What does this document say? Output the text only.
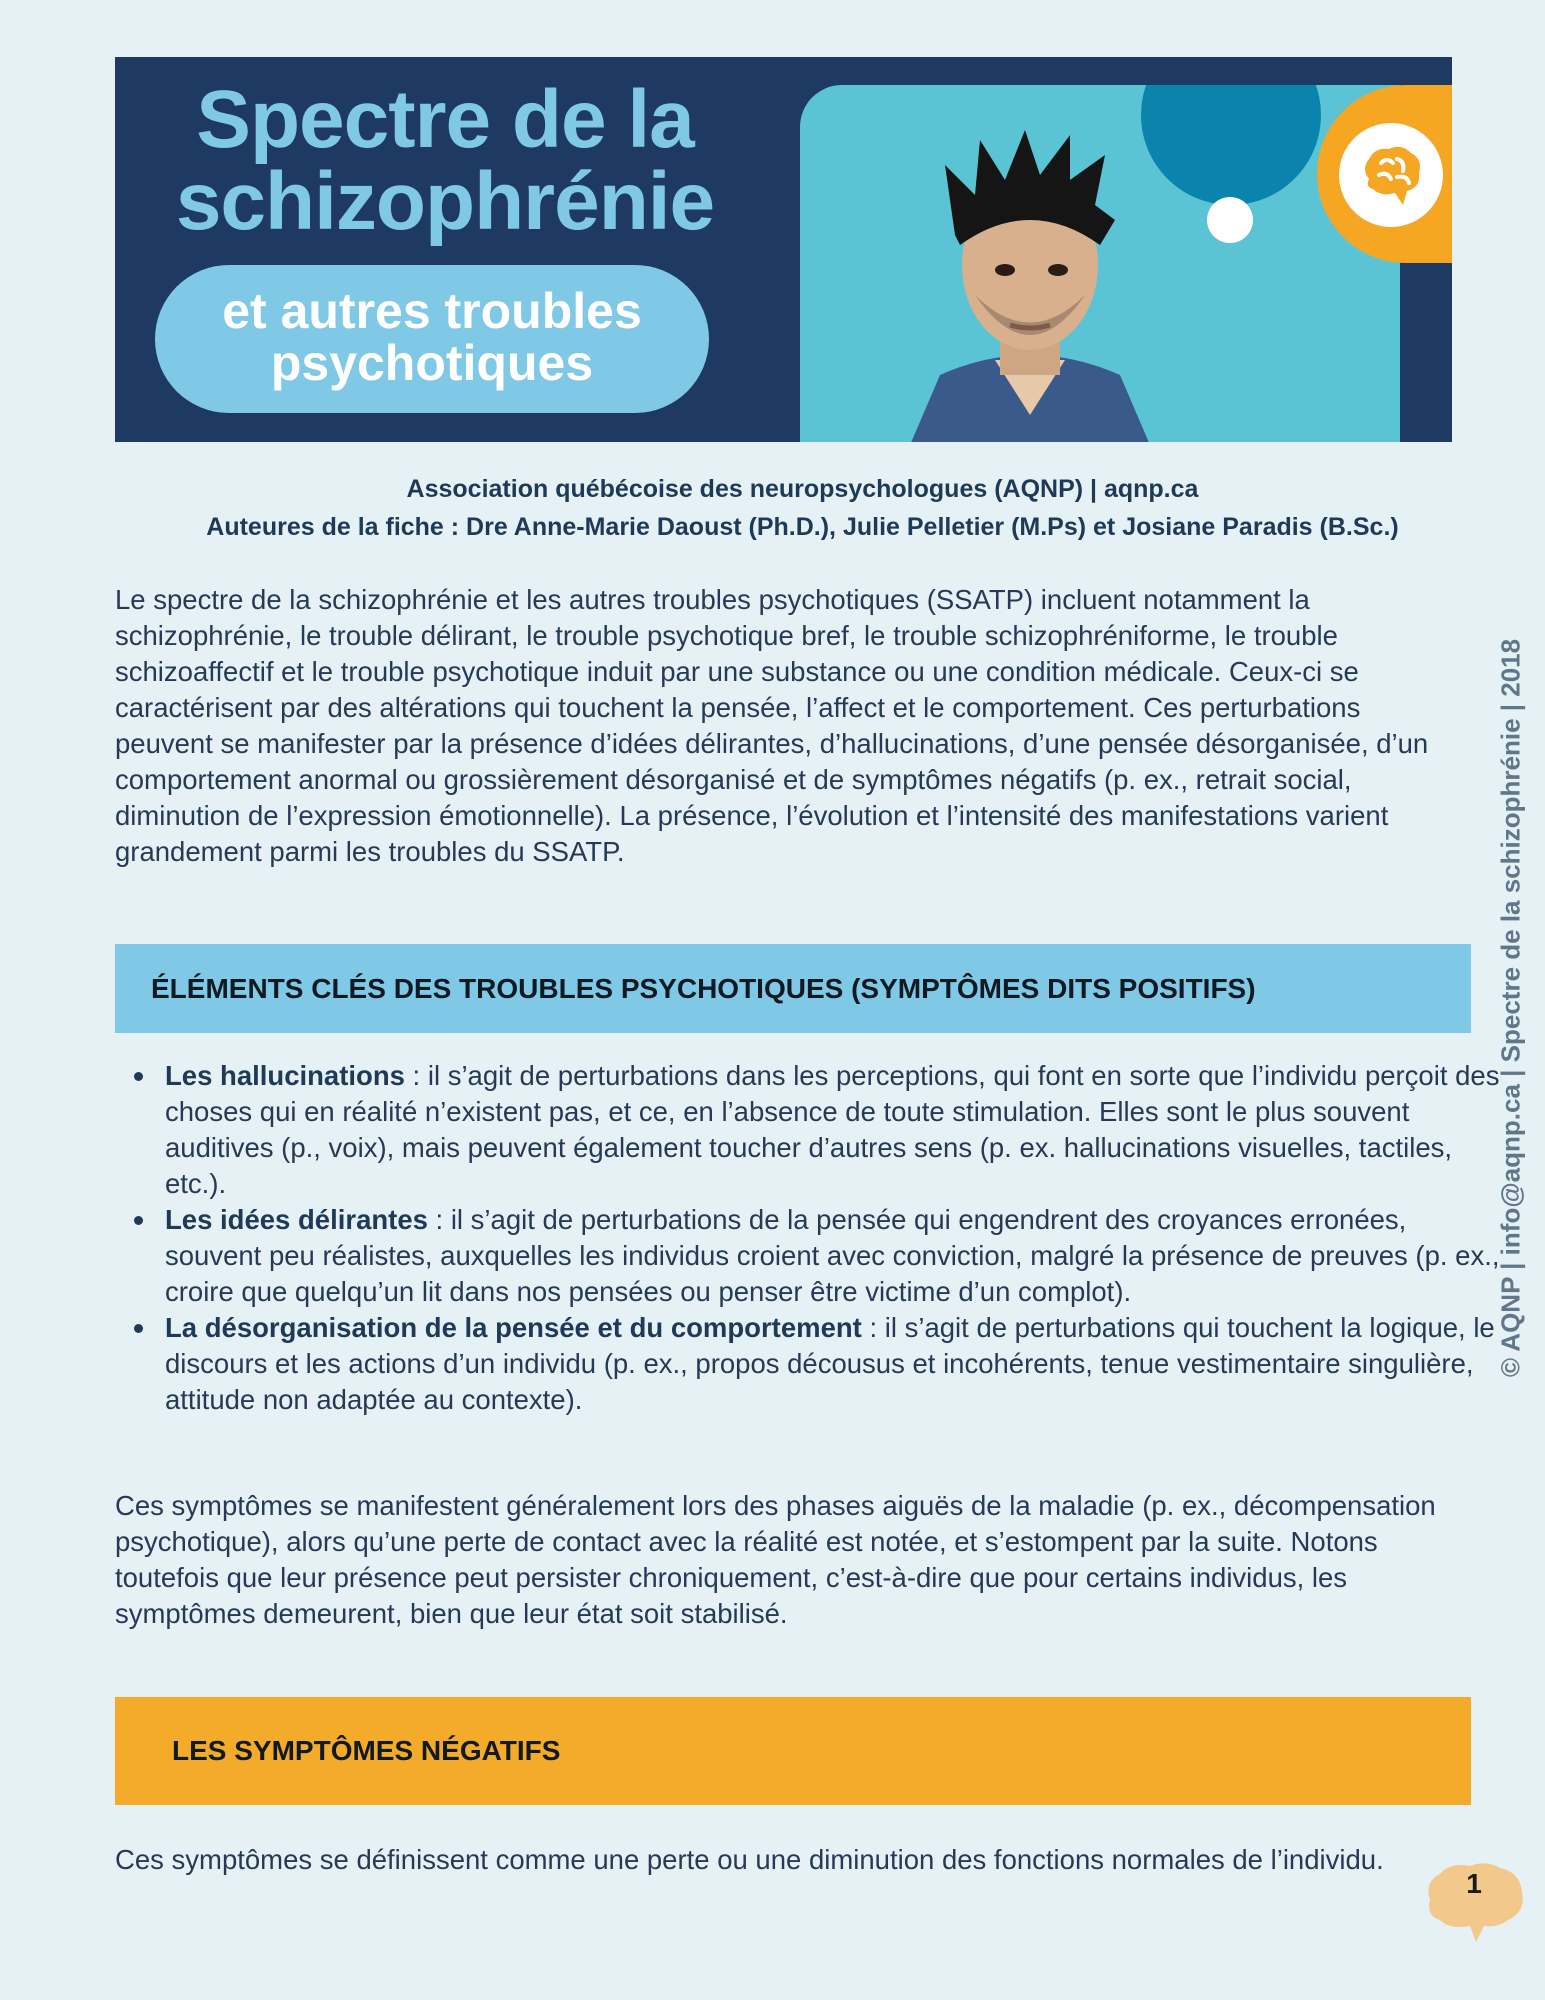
Spectre de la
schizophrénie
et autres troubles
psychotiques
Association québécoise des neuropsychologues (AQNP) | aqnp.ca
Auteures de la fiche : Dre Anne-Marie Daoust (Ph.D.), Julie Pelletier (M.Ps) et Josiane Paradis (B.Sc.)
Le spectre de la schizophrénie et les autres troubles psychotiques (SSATP) incluent notamment la schizophrénie, le trouble délirant, le trouble psychotique bref, le trouble schizophréniforme, le trouble schizoaffectif et le trouble psychotique induit par une substance ou une condition médicale. Ceux-ci se caractérisent par des altérations qui touchent la pensée, l’affect et le comportement. Ces perturbations peuvent se manifester par la présence d’idées délirantes, d’hallucinations, d’une pensée désorganisée, d’un comportement anormal ou grossièrement désorganisé et de symptômes négatifs (p. ex., retrait social, diminution de l’expression émotionnelle). La présence, l’évolution et l’intensité des manifestations varient grandement parmi les troubles du SSATP.
ÉLÉMENTS CLÉS DES TROUBLES PSYCHOTIQUES (SYMPTÔMES DITS POSITIFS)
Les hallucinations : il s’agit de perturbations dans les perceptions, qui font en sorte que l’individu perçoit des choses qui en réalité n’existent pas, et ce, en l’absence de toute stimulation. Elles sont le plus souvent auditives (p., voix), mais peuvent également toucher d’autres sens (p. ex. hallucinations visuelles, tactiles, etc.).
Les idées délirantes : il s’agit de perturbations de la pensée qui engendrent des croyances erronées, souvent peu réalistes, auxquelles les individus croient avec conviction, malgré la présence de preuves (p. ex., croire que quelqu’un lit dans nos pensées ou penser être victime d’un complot).
La désorganisation de la pensée et du comportement : il s’agit de perturbations qui touchent la logique, le discours et les actions d’un individu (p. ex., propos décousus et incohérents, tenue vestimentaire singulière, attitude non adaptée au contexte).
Ces symptômes se manifestent généralement lors des phases aiguës de la maladie (p. ex., décompensation psychotique), alors qu’une perte de contact avec la réalité est notée, et s’estompent par la suite. Notons toutefois que leur présence peut persister chroniquement, c’est-à-dire que pour certains individus, les symptômes demeurent, bien que leur état soit stabilisé.
LES SYMPTÔMES NÉGATIFS
Ces symptômes se définissent comme une perte ou une diminution des fonctions normales de l’individu.
© AQNP | info@aqnp.ca | Spectre de la schizophrénie | 2018
1
